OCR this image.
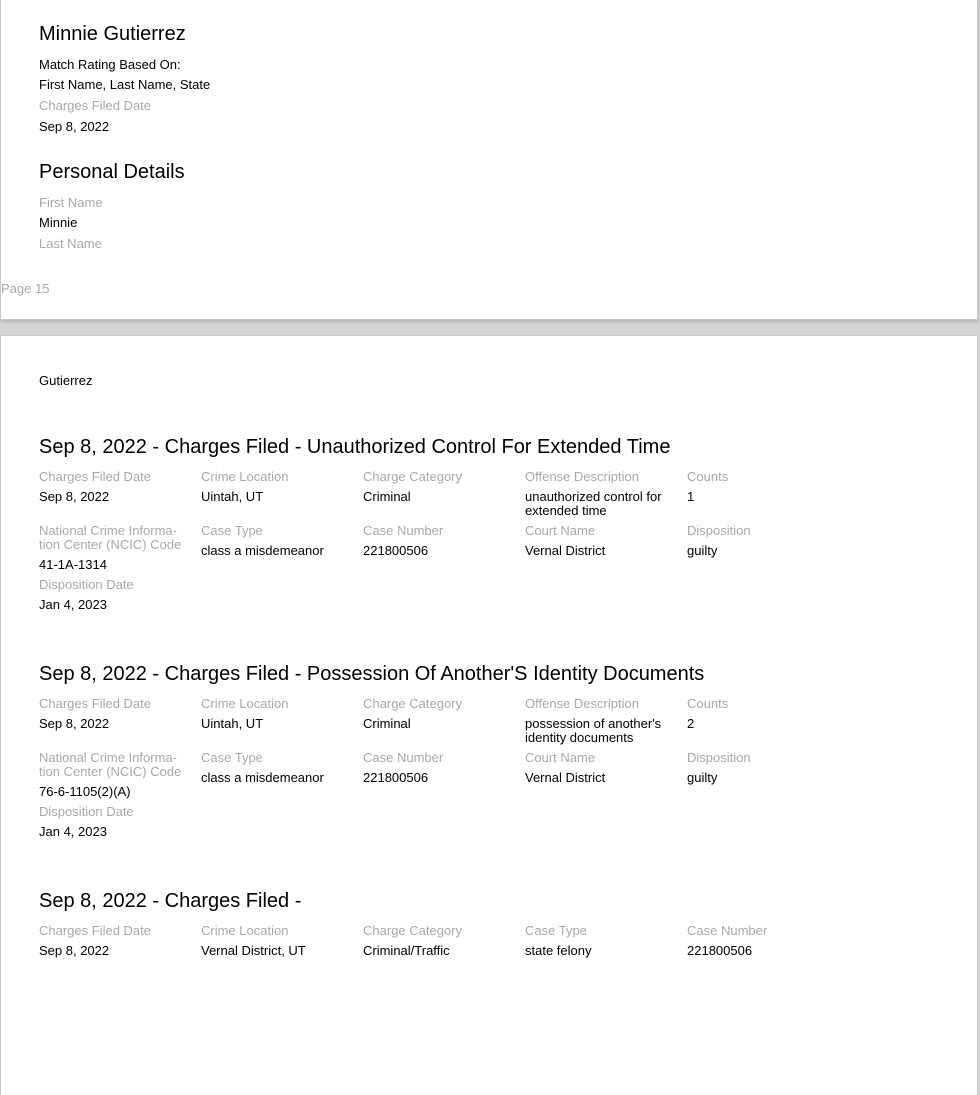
Minnie Gutierrez
Match Rating Based On:
First Name, Last Name, State
Charges Filed Date
Sep 8, 2022
Personal Details
First Name
Minnie
Last Name
Page 15
Gutierrez
Sep 8, 2022 - Charges Filed - Unauthorized Control For Extended Time
Charges Filed Date
Sep 8, 2022
Crime Location
Uintah, UT
Charge Category
Criminal
Offense Description
unauthorized control for extended time
Counts
1
National Crime Informa-tion Center (NCIC) Code
41-1A-1314
Case Type
class a misdemeanor
Case Number
221800506
Court Name
Vernal District
Disposition
guilty
Disposition Date
Jan 4, 2023
Sep 8, 2022 - Charges Filed - Possession Of Another'S Identity Documents
Charges Filed Date
Sep 8, 2022
Crime Location
Uintah, UT
Charge Category
Criminal
Offense Description
possession of another's identity documents
Counts
2
National Crime Informa-tion Center (NCIC) Code
76-6-1105(2)(A)
Case Type
class a misdemeanor
Case Number
221800506
Court Name
Vernal District
Disposition
guilty
Disposition Date
Jan 4, 2023
Sep 8, 2022 - Charges Filed -
Charges Filed Date
Sep 8, 2022
Crime Location
Vernal District, UT
Charge Category
Criminal/Traffic
Case Type
state felony
Case Number
221800506
